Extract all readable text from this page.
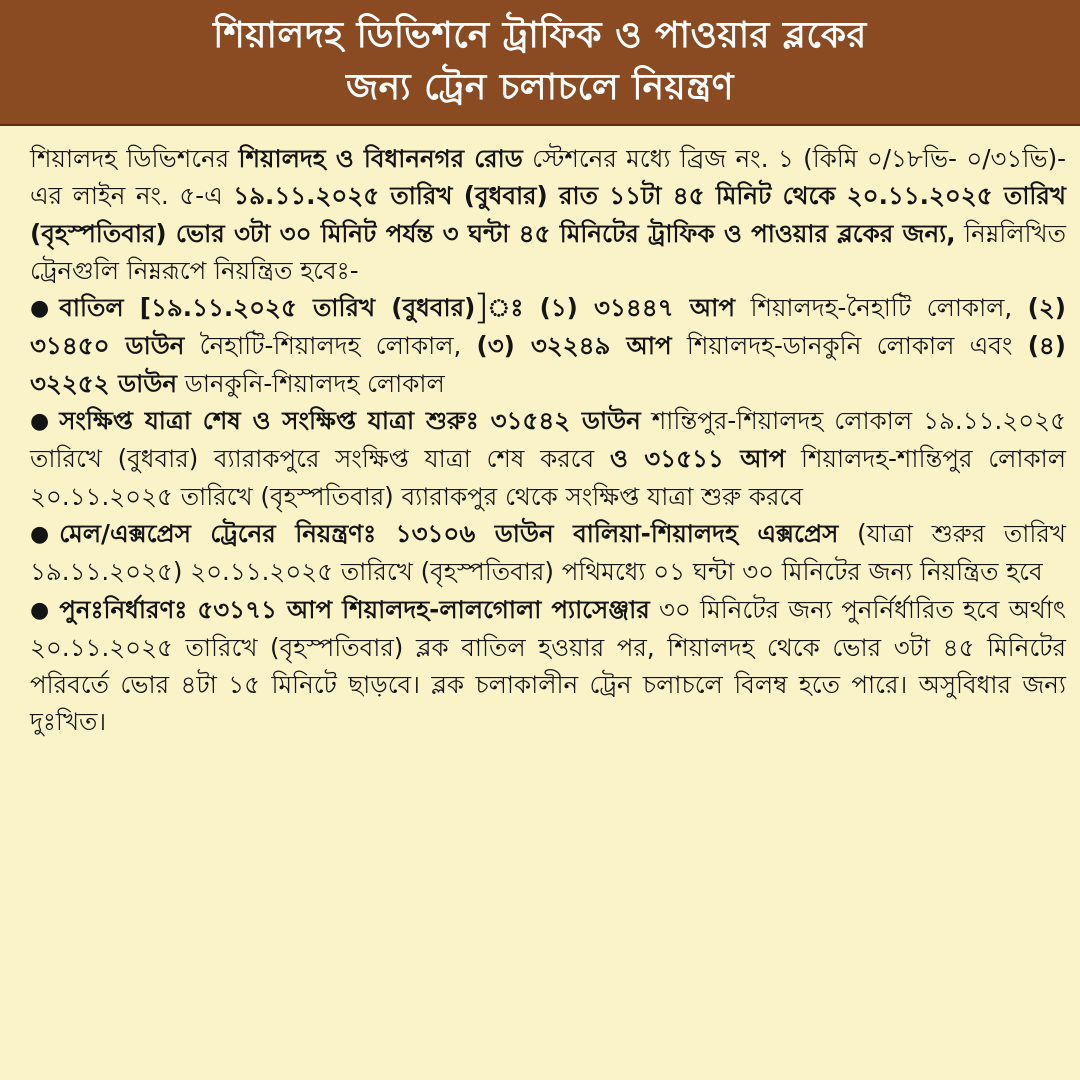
শিয়ালদহ ডিভিশনে ট্রাফিক ও পাওয়ার ব্লকের
জন্য ট্রেন চলাচলে নিয়ন্ত্রণ

শিয়ালদহ ডিভিশনের শিয়ালদহ ও বিধাননগর রোড স্টেশনের মধ্যে ব্রিজ নং. ১ (কিমি ০/১৮ভি- ০/৩১ভি)-এর লাইন নং. ৫-এ ১৯.১১.২০২৫ তারিখ (বুধবার) রাত ১১টা ৪৫ মিনিট থেকে ২০.১১.২০২৫ তারিখ (বৃহস্পতিবার) ভোর ৩টা ৩০ মিনিট পর্যন্ত ৩ ঘন্টা ৪৫ মিনিটের ট্রাফিক ও পাওয়ার ব্লকের জন্য, নিম্নলিখিত ট্রেনগুলি নিম্নরূপে নিয়ন্ত্রিত হবেঃ-

● বাতিল [১৯.১১.২০২৫ তারিখ (বুধবার)]ঃ (১) ৩১৪৪৭ আপ শিয়ালদহ-নৈহাটি লোকাল, (২) ৩১৪৫০ ডাউন নৈহাটি-শিয়ালদহ লোকাল, (৩) ৩২২৪৯ আপ শিয়ালদহ-ডানকুনি লোকাল এবং (৪) ৩২২৫২ ডাউন ডানকুনি-শিয়ালদহ লোকাল

● সংক্ষিপ্ত যাত্রা শেষ ও সংক্ষিপ্ত যাত্রা শুরুঃ ৩১৫৪২ ডাউন শান্তিপুর-শিয়ালদহ লোকাল ১৯.১১.২০২৫ তারিখে (বুধবার) ব্যারাকপুরে সংক্ষিপ্ত যাত্রা শেষ করবে ও ৩১৫১১ আপ শিয়ালদহ-শান্তিপুর লোকাল ২০.১১.২০২৫ তারিখে (বৃহস্পতিবার) ব্যারাকপুর থেকে সংক্ষিপ্ত যাত্রা শুরু করবে

● মেল/এক্সপ্রেস ট্রেনের নিয়ন্ত্রণঃ ১৩১০৬ ডাউন বালিয়া-শিয়ালদহ এক্সপ্রেস (যাত্রা শুরুর তারিখ ১৯.১১.২০২৫) ২০.১১.২০২৫ তারিখে (বৃহস্পতিবার) পথিমধ্যে ০১ ঘন্টা ৩০ মিনিটের জন্য নিয়ন্ত্রিত হবে

● পুনঃনির্ধারণঃ ৫৩১৭১ আপ শিয়ালদহ-লালগোলা প্যাসেঞ্জার ৩০ মিনিটের জন্য পুনর্নির্ধারিত হবে অর্থাৎ ২০.১১.২০২৫ তারিখে (বৃহস্পতিবার) ব্লক বাতিল হওয়ার পর, শিয়ালদহ থেকে ভোর ৩টা ৪৫ মিনিটের পরিবর্তে ভোর ৪টা ১৫ মিনিটে ছাড়বে। ব্লক চলাকালীন ট্রেন চলাচলে বিলম্ব হতে পারে। অসুবিধার জন্য দুঃখিত।
